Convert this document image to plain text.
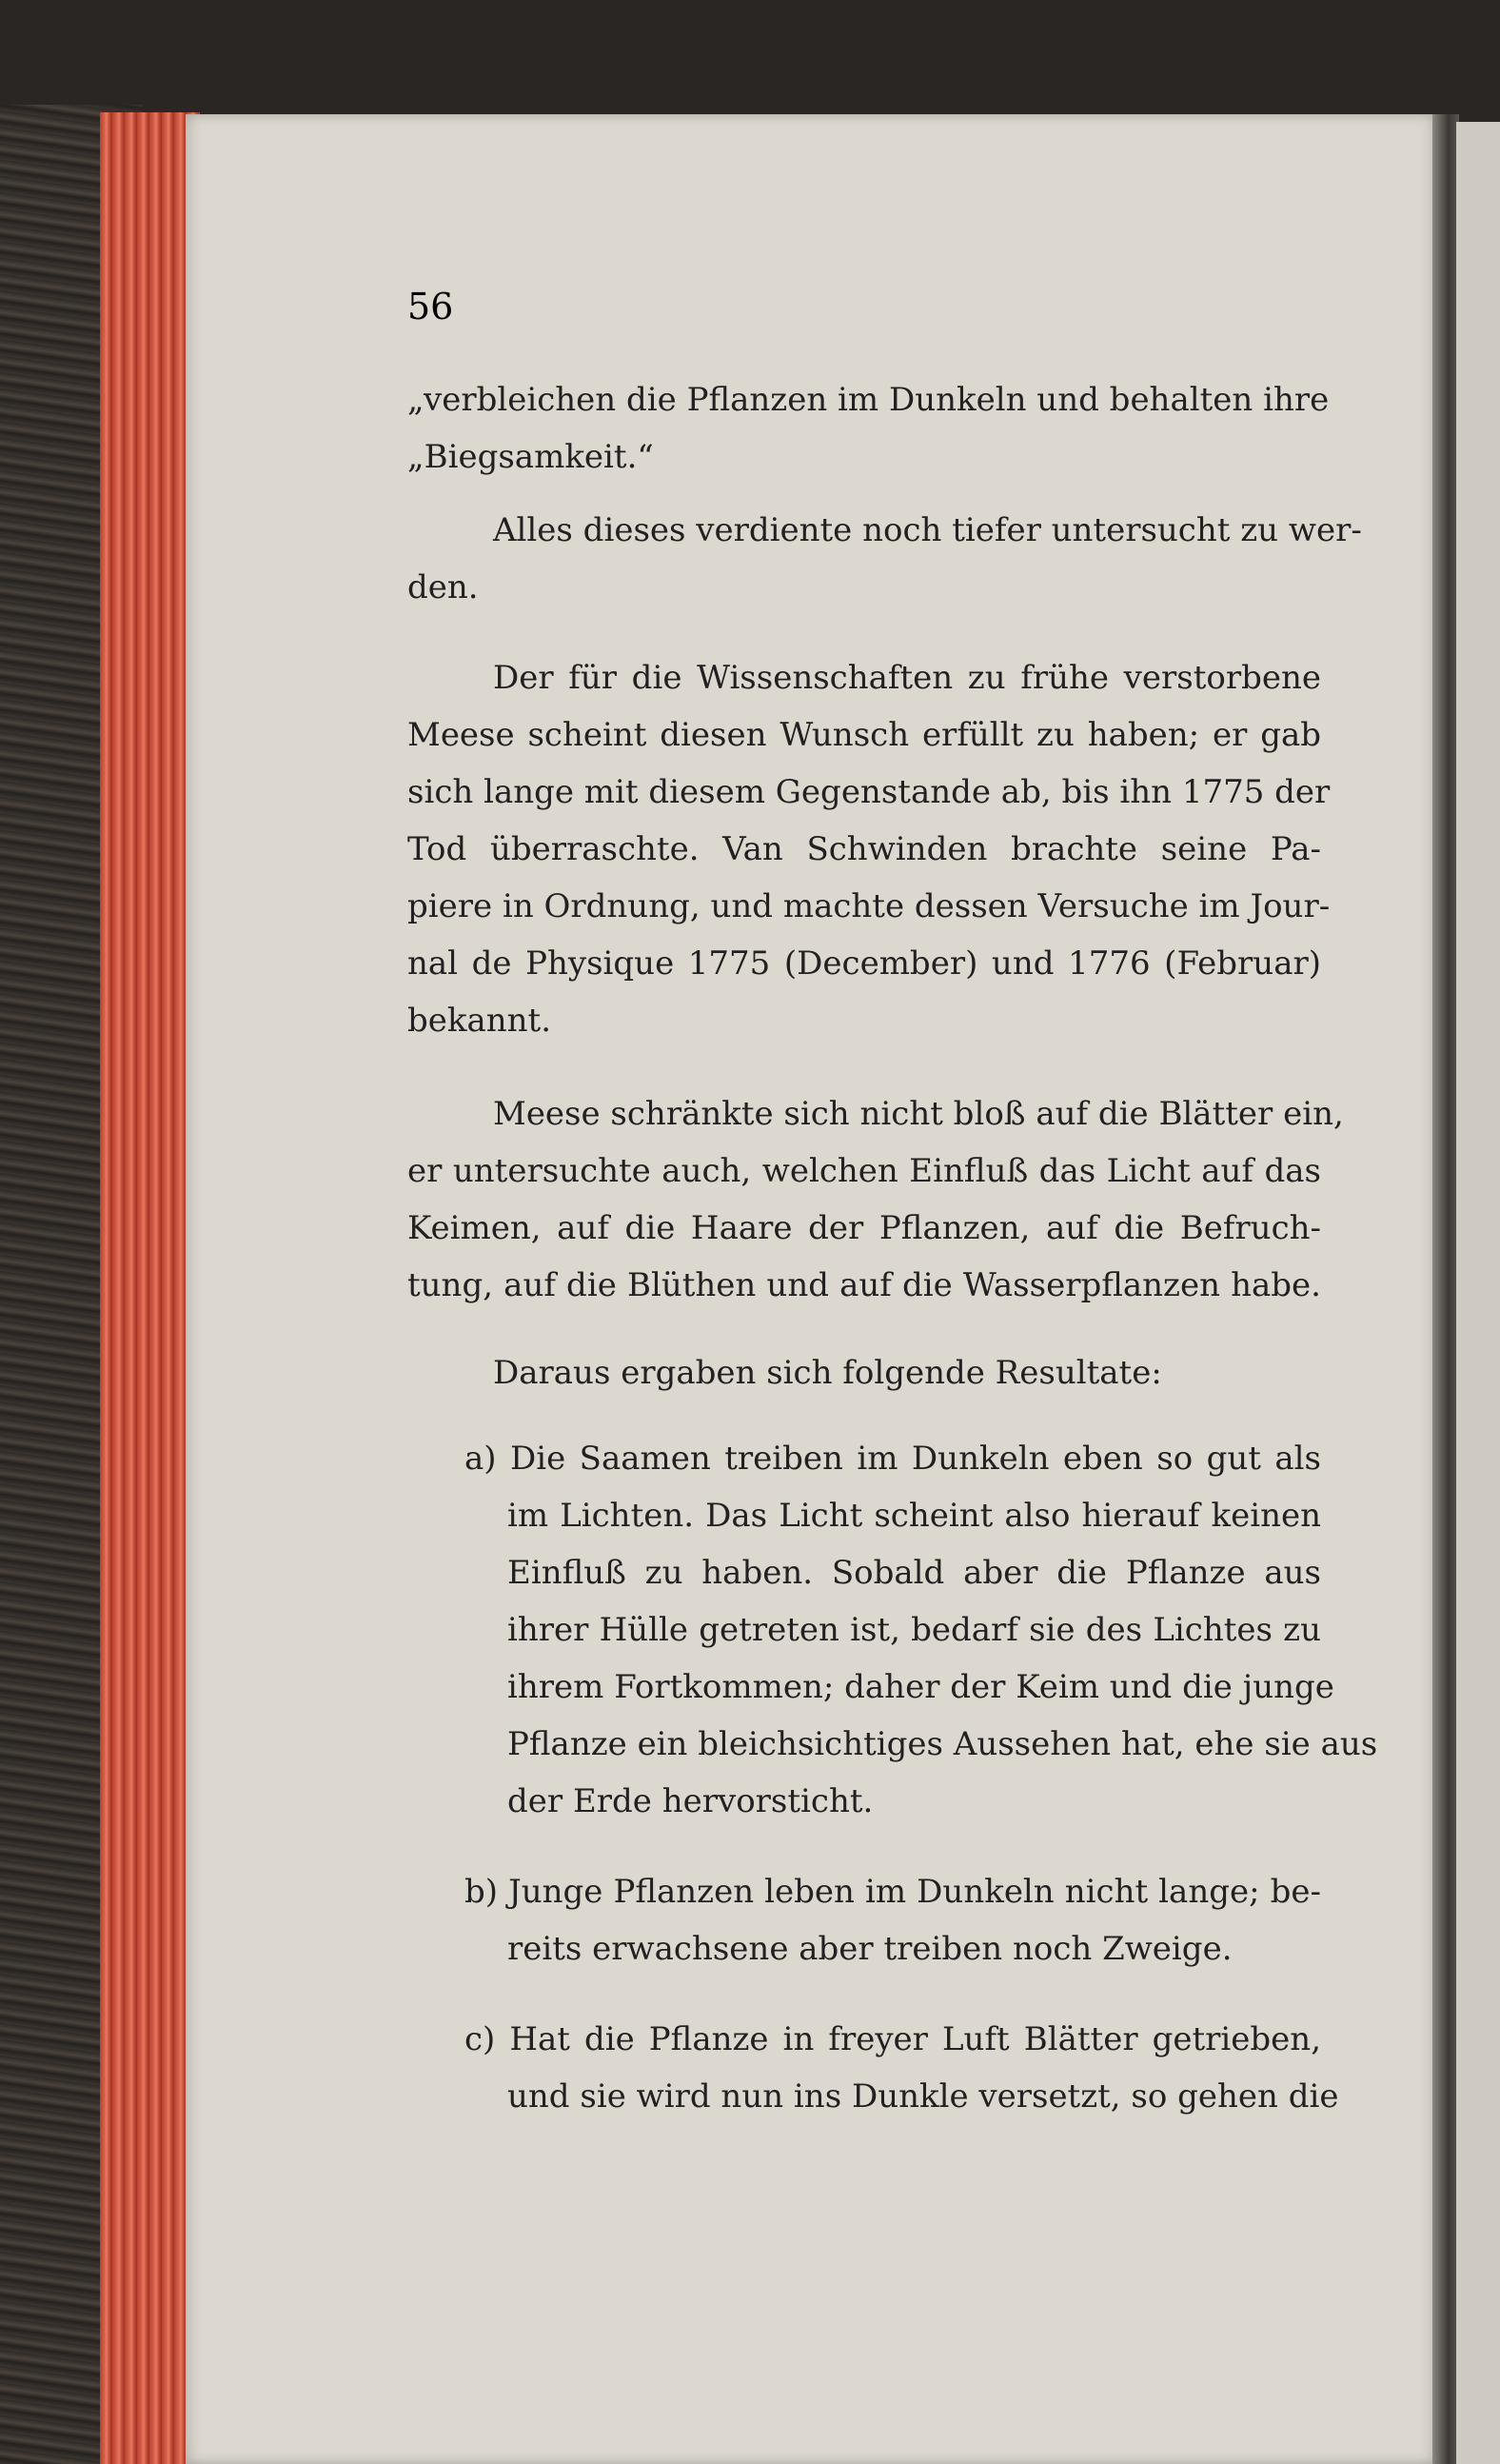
56

„verbleichen die Pflanzen im Dunkeln und behalten ihre

„Biegsamkeit.“

Alles dieses verdiente noch tiefer untersucht zu wer-

den.

Der für die Wissenschaften zu frühe verstorbene

Meese scheint diesen Wunsch erfüllt zu haben; er gab

sich lange mit diesem Gegenstande ab, bis ihn 1775 der

Tod überraschte. Van Schwinden brachte seine Pa-

piere in Ordnung, und machte dessen Versuche im Jour-

nal de Physique 1775 (December) und 1776 (Februar)

bekannt.

Meese schränkte sich nicht bloß auf die Blätter ein,

er untersuchte auch, welchen Einfluß das Licht auf das

Keimen, auf die Haare der Pflanzen, auf die Befruch-

tung, auf die Blüthen und auf die Wasserpflanzen habe.

Daraus ergaben sich folgende Resultate:

a) Die Saamen treiben im Dunkeln eben so gut als

im Lichten. Das Licht scheint also hierauf keinen

Einfluß zu haben. Sobald aber die Pflanze aus

ihrer Hülle getreten ist, bedarf sie des Lichtes zu

ihrem Fortkommen; daher der Keim und die junge

Pflanze ein bleichsichtiges Aussehen hat, ehe sie aus

der Erde hervorsticht.

b) Junge Pflanzen leben im Dunkeln nicht lange; be-

reits erwachsene aber treiben noch Zweige.

c) Hat die Pflanze in freyer Luft Blätter getrieben,

und sie wird nun ins Dunkle versetzt, so gehen die
